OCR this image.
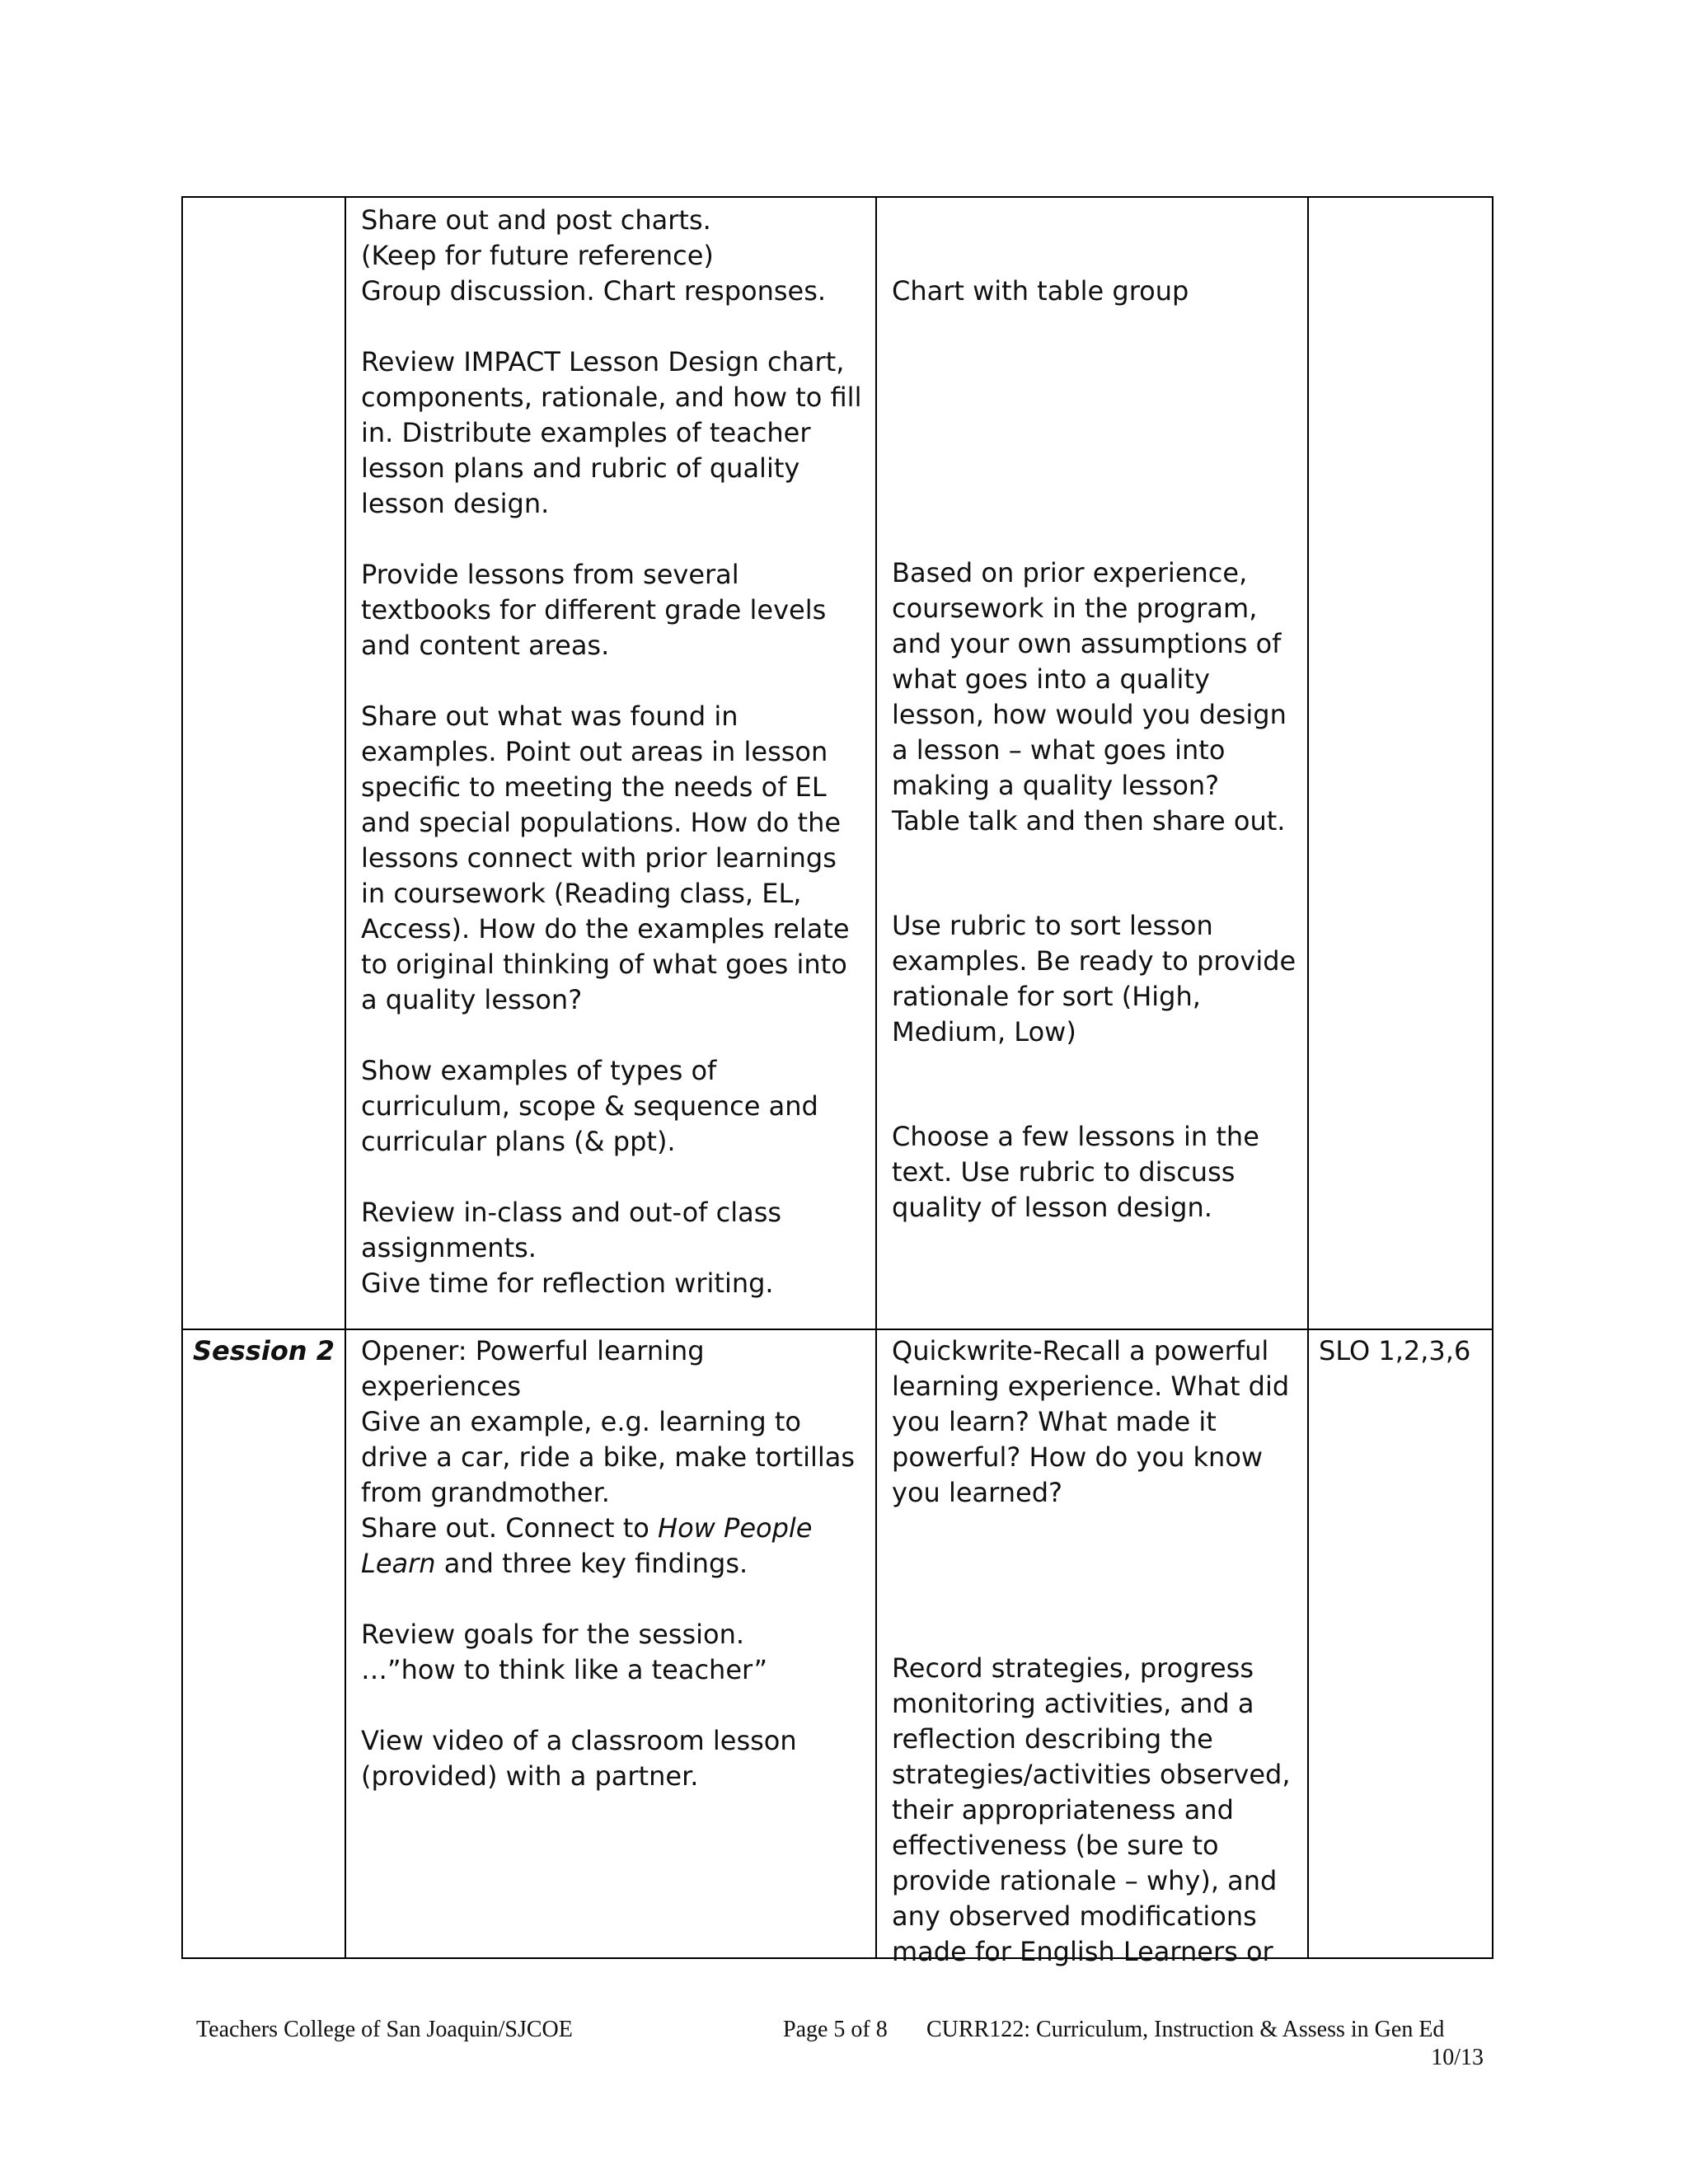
Share out and post charts.
(Keep for future reference)
Group discussion. Chart responses.

Review IMPACT Lesson Design chart, components, rationale, and how to fill in. Distribute examples of teacher lesson plans and rubric of quality lesson design.

Provide lessons from several textbooks for different grade levels and content areas.

Share out what was found in examples. Point out areas in lesson specific to meeting the needs of EL and special populations. How do the lessons connect with prior learnings in coursework (Reading class, EL, Access). How do the examples relate to original thinking of what goes into a quality lesson?

Show examples of types of curriculum, scope & sequence and curricular plans (& ppt).

Review in-class and out-of class assignments.
Give time for reflection writing.

Chart with table group
Based on prior experience, coursework in the program, and your own assumptions of what goes into a quality lesson, how would you design a lesson – what goes into making a quality lesson?
Table talk and then share out.
Use rubric to sort lesson examples. Be ready to provide rationale for sort (High, Medium, Low)
Choose a few lessons in the text. Use rubric to discuss quality of lesson design.
Session 2	Opener: Powerful learning experiences
Give an example, e.g. learning to drive a car, ride a bike, make tortillas from grandmother.

Share out. Connect to How People Learn and three key findings.

Review goals for the session.
…”how to think like a teacher”

View video of a classroom lesson (provided) with a partner.

Quickwrite-Recall a powerful learning experience. What did you learn? What made it powerful? How do you know you learned?
Record strategies, progress monitoring activities, and a reflection describing the strategies/activities observed, their appropriateness and effectiveness (be sure to provide rationale – why), and any observed modifications made for English Learners or
SLO 1,2,3,6
Teachers College of San Joaquin/SJCOE	Page 5 of 8 CURR122: Curriculum, Instruction & Assess in Gen Ed
10/13
